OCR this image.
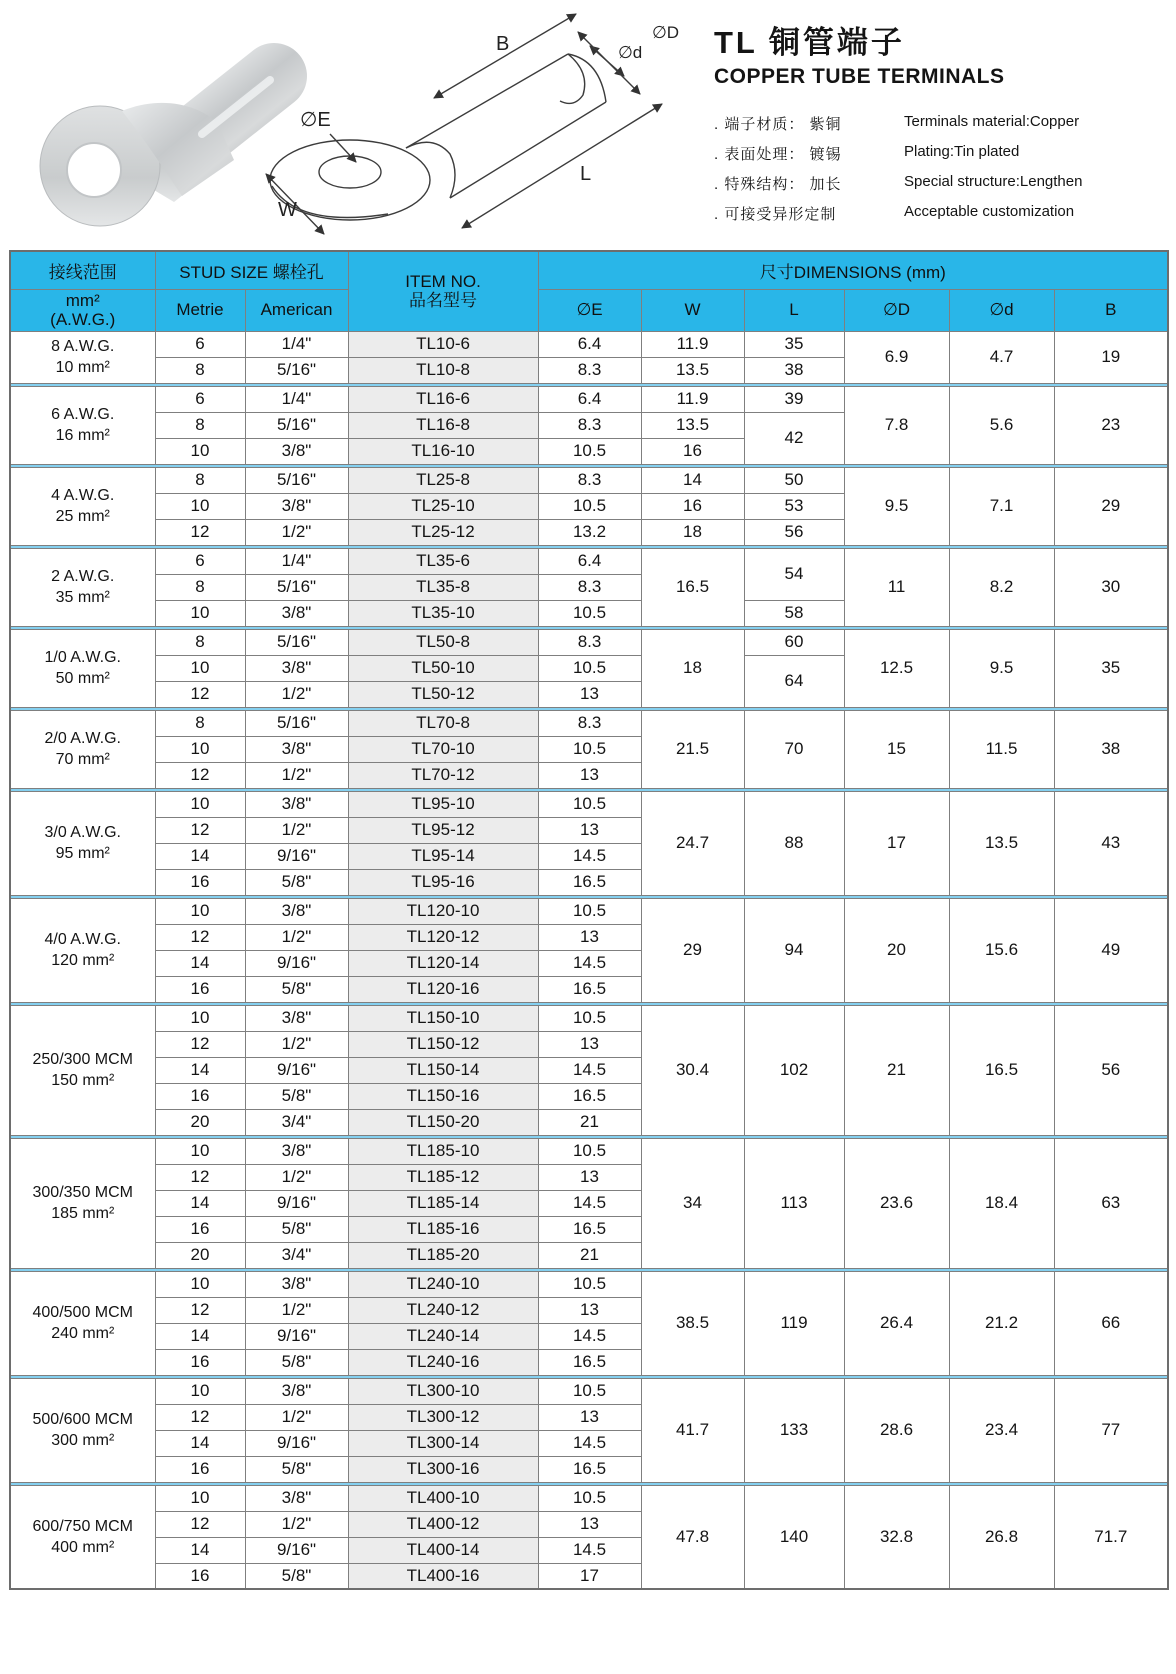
B	∅d
∅D
L
∅E
W
TL 铜管端子
COPPER TUBE TERMINALS
. 端子材质： 紫铜	Terminals material:Copper
. 表面处理： 镀锡	Plating:Tin plated
. 特殊结构： 加长	Special structure:Lengthen
. 可接受异形定制	Acceptable customization
接线范围	STUD SIZE 螺栓孔		ITEM NO.
品名型号	尺寸DIMENSIONS (mm)					

mm²
(A.W.G.)	Metrie	American		∅E	W	L	∅D	∅d	B

8 A.W.G.
10 mm²	6	1/4"	TL10-6	6.4	11.9	35	6.9	4.7	19
	8	5/16"	TL10-8	8.3	13.5	38			

6 A.W.G.
16 mm²	6	1/4"	TL16-6	6.4	11.9	39	7.8	5.6	23
	8	5/16"	TL16-8	8.3	13.5	42			
	10	3/8"	TL16-10	10.5	16				

4 A.W.G.
25 mm²	8	5/16"	TL25-8	8.3	14	50	9.5	7.1	29
	10	3/8"	TL25-10	10.5	16	53			
	12	1/2"	TL25-12	13.2	18	56			

2 A.W.G.
35 mm²	6	1/4"	TL35-6	6.4	16.5	54	11	8.2	30
	8	5/16"	TL35-8	8.3					
	10	3/8"	TL35-10	10.5		58			

1/0 A.W.G.
50 mm²	8	5/16"	TL50-8	8.3	18	60	12.5	9.5	35
	10	3/8"	TL50-10	10.5		64			
	12	1/2"	TL50-12	13					

2/0 A.W.G.
70 mm²	8	5/16"	TL70-8	8.3	21.5	70	15	11.5	38
	10	3/8"	TL70-10	10.5					
	12	1/2"	TL70-12	13					

3/0 A.W.G.
95 mm²	10	3/8"	TL95-10	10.5	24.7	88	17	13.5	43
	12	1/2"	TL95-12	13					
	14	9/16"	TL95-14	14.5					
	16	5/8"	TL95-16	16.5					

4/0 A.W.G.
120 mm²	10	3/8"	TL120-10	10.5	29	94	20	15.6	49
	12	1/2"	TL120-12	13					
	14	9/16"	TL120-14	14.5					
	16	5/8"	TL120-16	16.5					

250/300 MCM
150 mm²	10	3/8"	TL150-10	10.5	30.4	102	21	16.5	56
	12	1/2"	TL150-12	13					
	14	9/16"	TL150-14	14.5					
	16	5/8"	TL150-16	16.5					
	20	3/4"	TL150-20	21					

300/350 MCM
185 mm²	10	3/8"	TL185-10	10.5	34	113	23.6	18.4	63
	12	1/2"	TL185-12	13					
	14	9/16"	TL185-14	14.5					
	16	5/8"	TL185-16	16.5					
	20	3/4"	TL185-20	21					

400/500 MCM
240 mm²	10	3/8"	TL240-10	10.5	38.5	119	26.4	21.2	66
	12	1/2"	TL240-12	13					
	14	9/16"	TL240-14	14.5					
	16	5/8"	TL240-16	16.5					

500/600 MCM
300 mm²	10	3/8"	TL300-10	10.5	41.7	133	28.6	23.4	77
	12	1/2"	TL300-12	13					
	14	9/16"	TL300-14	14.5					
	16	5/8"	TL300-16	16.5					

600/750 MCM
400 mm²	10	3/8"	TL400-10	10.5	47.8	140	32.8	26.8	71.7
	12	1/2"	TL400-12	13					
	14	9/16"	TL400-14	14.5					
	16	5/8"	TL400-16	17					
